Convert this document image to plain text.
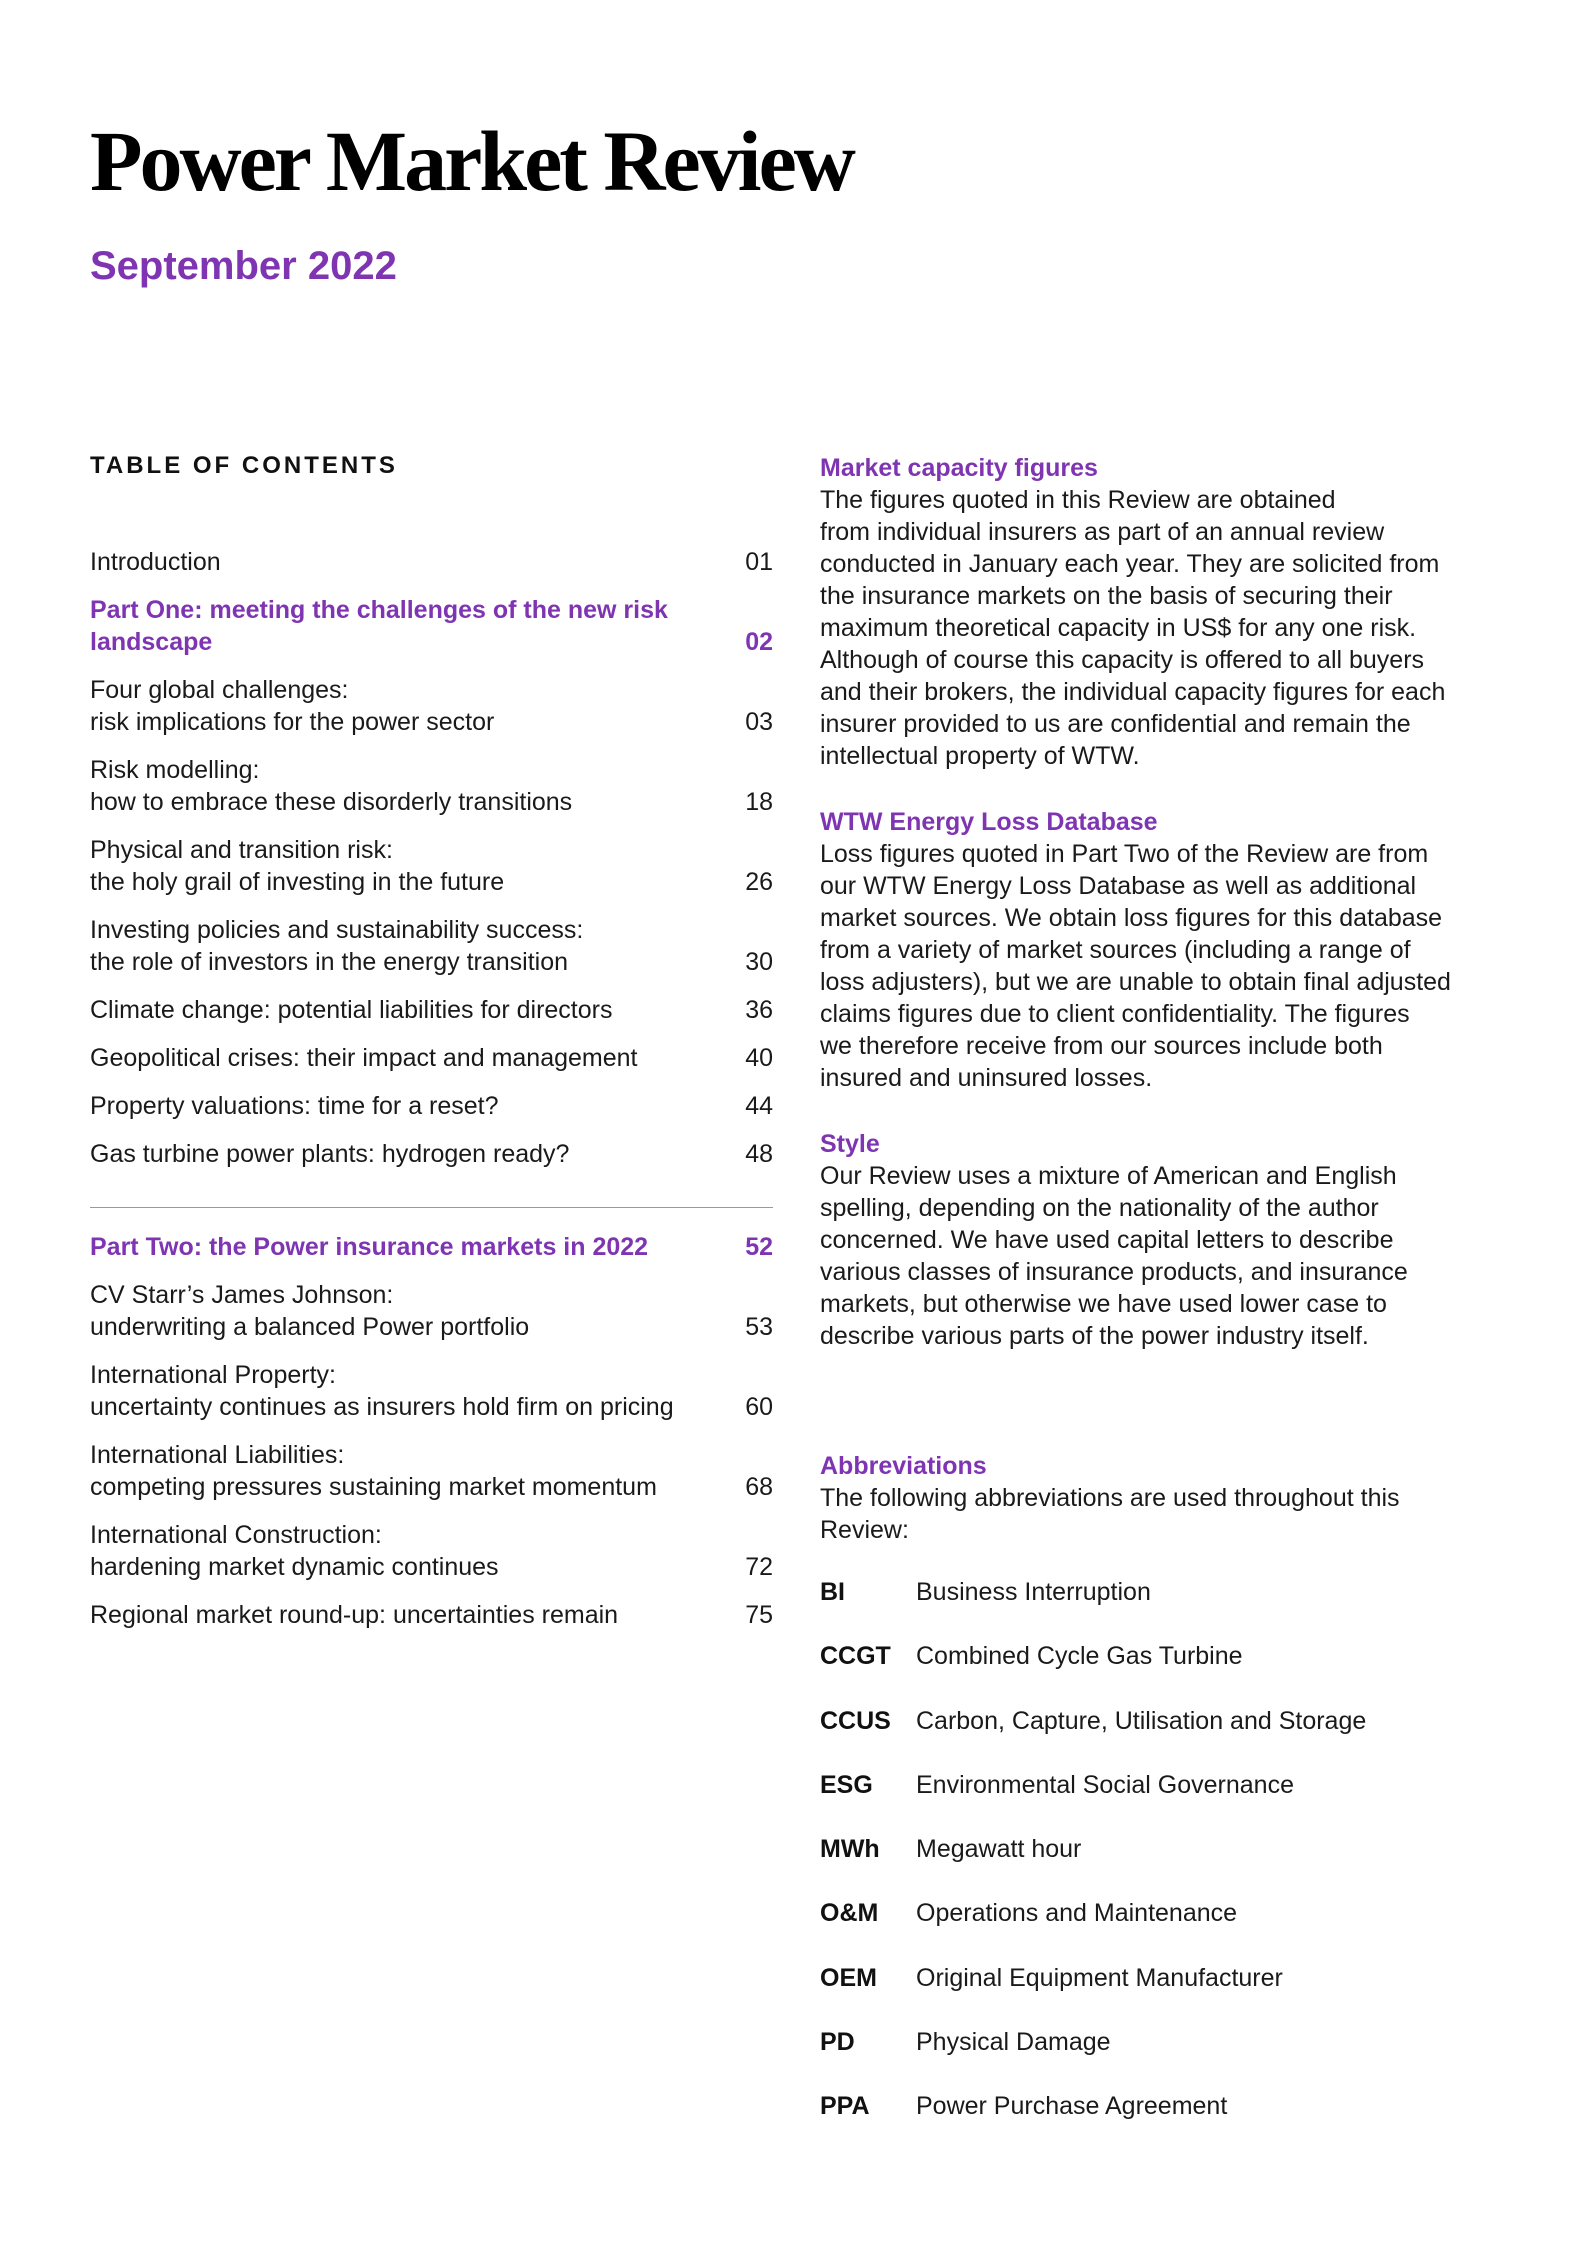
Power Market Review
September 2022
TABLE OF CONTENTS
Introduction	01
Part One: meeting the challenges of the new risk landscape	02
Four global challenges:
risk implications for the power sector	03
Risk modelling:
how to embrace these disorderly transitions	18
Physical and transition risk:
the holy grail of investing in the future	26
Investing policies and sustainability success:
the role of investors in the energy transition	30
Climate change: potential liabilities for directors	36
Geopolitical crises: their impact and management	40
Property valuations: time for a reset?	44
Gas turbine power plants: hydrogen ready?	48
Part Two: the Power insurance markets in 2022	52
CV Starr’s James Johnson:
underwriting a balanced Power portfolio	53
International Property:
uncertainty continues as insurers hold firm on pricing	60
International Liabilities:
competing pressures sustaining market momentum	68
International Construction:
hardening market dynamic continues	72
Regional market round-up: uncertainties remain	75
Market capacity figures

The figures quoted in this Review are obtained
from individual insurers as part of an annual review
conducted in January each year. They are solicited from
the insurance markets on the basis of securing their
maximum theoretical capacity in US$ for any one risk.
Although of course this capacity is offered to all buyers
and their brokers, the individual capacity figures for each
insurer provided to us are confidential and remain the
intellectual property of WTW.

WTW Energy Loss Database

Loss figures quoted in Part Two of the Review are from
our WTW Energy Loss Database as well as additional
market sources. We obtain loss figures for this database
from a variety of market sources (including a range of
loss adjusters), but we are unable to obtain final adjusted
claims figures due to client confidentiality. The figures
we therefore receive from our sources include both
insured and uninsured losses.

Style

Our Review uses a mixture of American and English
spelling, depending on the nationality of the author
concerned. We have used capital letters to describe
various classes of insurance products, and insurance
markets, but otherwise we have used lower case to
describe various parts of the power industry itself.

Abbreviations

The following abbreviations are used throughout this
Review:

BI	Business Interruption
CCGT	Combined Cycle Gas Turbine
CCUS	Carbon, Capture, Utilisation and Storage
ESG	Environmental Social Governance
MWh	Megawatt hour
O&M	Operations and Maintenance
OEM	Original Equipment Manufacturer
PD	Physical Damage
PPA	Power Purchase Agreement
